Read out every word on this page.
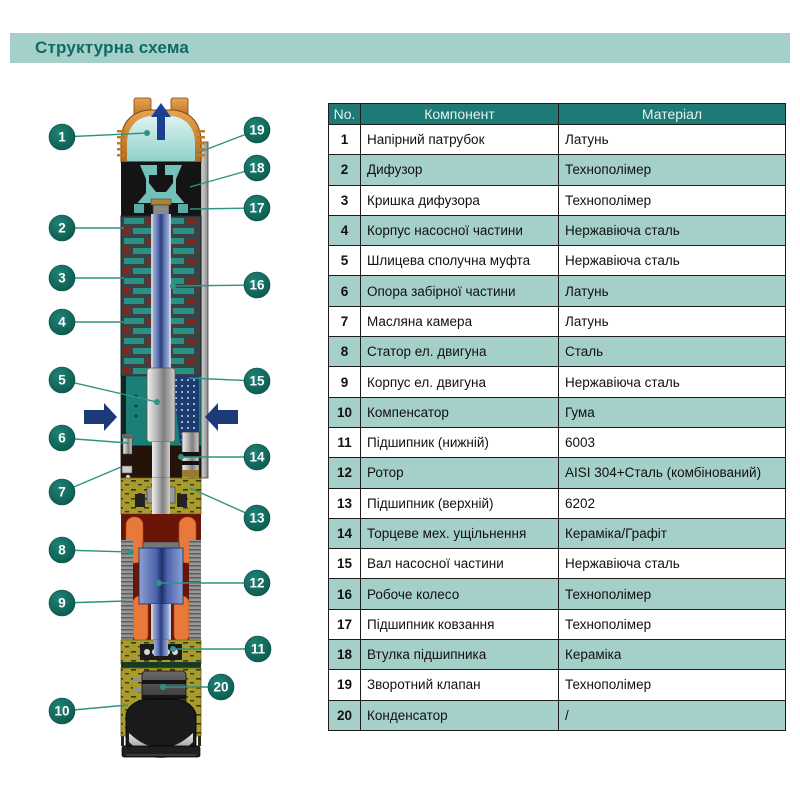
Структурна схема
1
2
3
4
5
6
7
8
9
10
19
18
17
16
15
14
13
12
11
20
No.	Компонент	Матеріал
1	Напірний патрубок	Латунь
2	Дифузор	Технополімер
3	Кришка дифузора	Технополімер
4	Корпус насосної частини	Нержавіюча сталь
5	Шлицева сполучна муфта	Нержавіюча сталь
6	Опора забірної частини	Латунь
7	Масляна камера	Латунь
8	Статор ел. двигуна	Сталь
9	Корпус ел. двигуна	Нержавіюча сталь
10	Компенсатор	Гума
11	Підшипник (нижній)	6003
12	Ротор	AISI 304+Сталь (комбінований)
13	Підшипник (верхній)	6202
14	Торцеве мех. ущільнення	Кераміка/Графіт
15	Вал насосної частини	Нержавіюча сталь
16	Робоче колесо	Технополімер
17	Підшипник ковзання	Технополімер
18	Втулка підшипника	Кераміка
19	Зворотний клапан	Технополімер
20	Конденсатор	/
